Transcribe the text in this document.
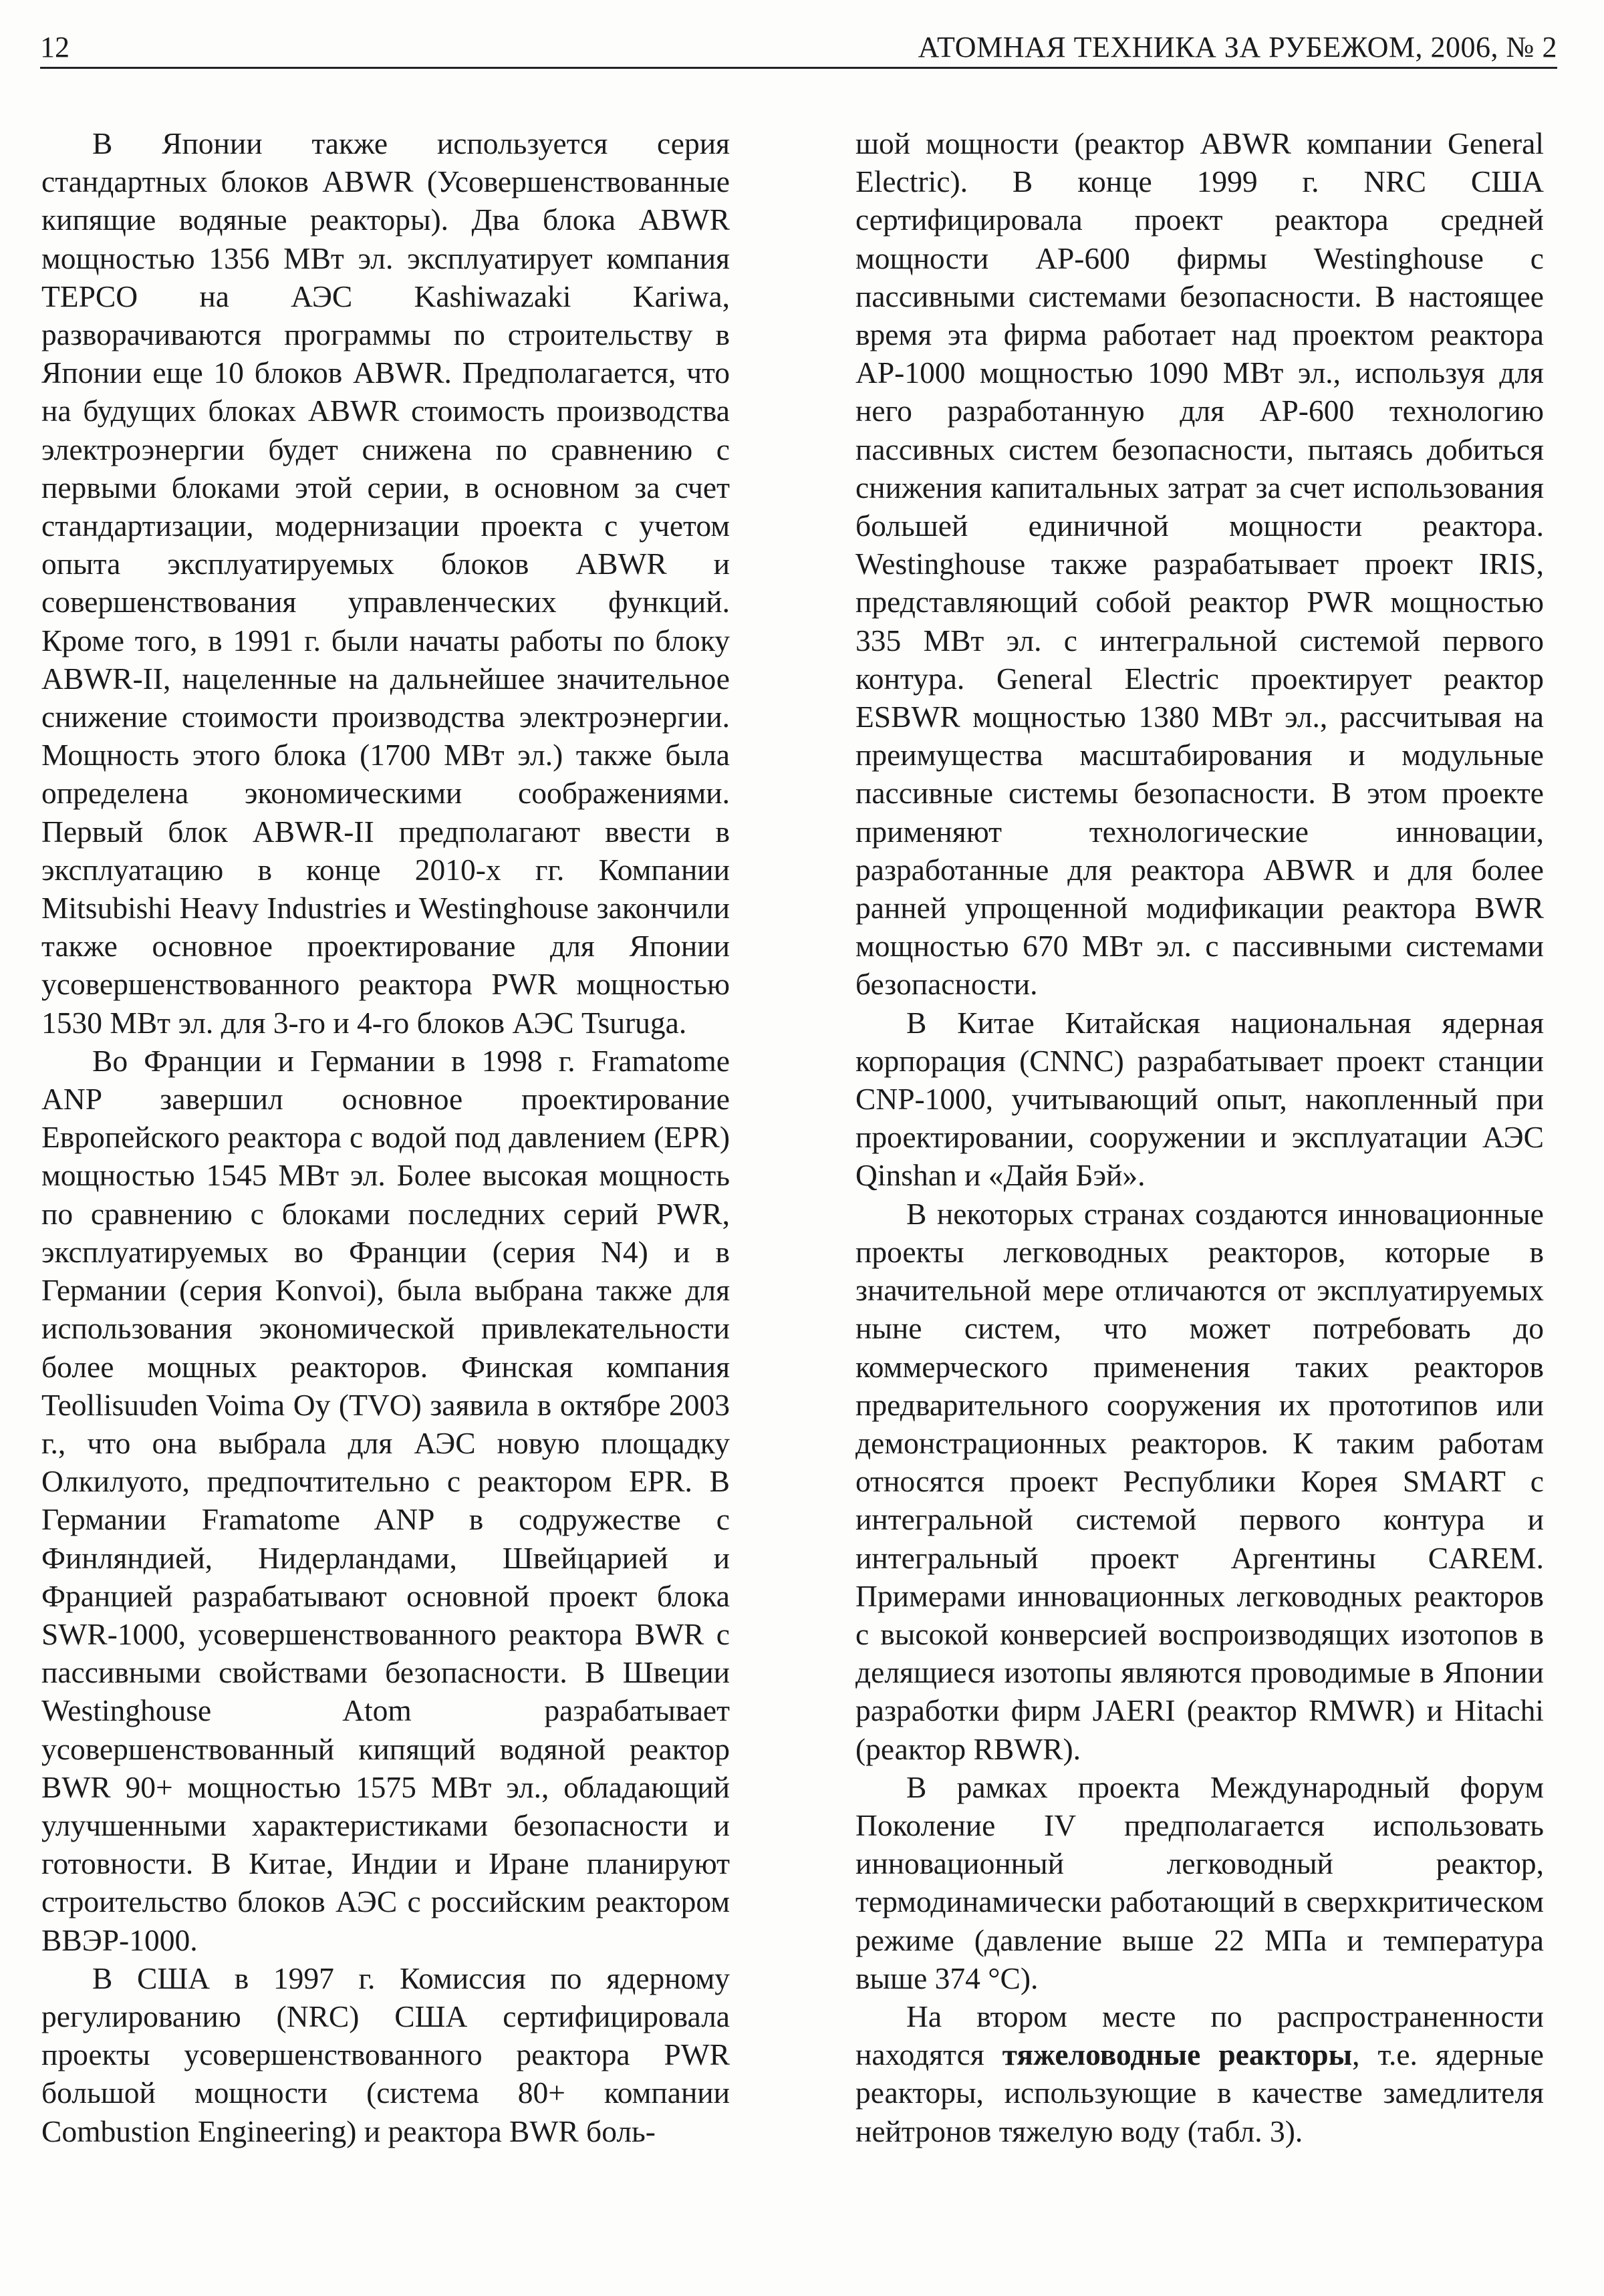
12	АТОМНАЯ ТЕХНИКА ЗА РУБЕЖОМ, 2006, № 2

В Японии также используется серия стандартных блоков ABWR (Усовершенствованные кипящие водяные реакторы). Два блока ABWR мощностью 1356 МВт эл. эксплуатирует компания TEPCO на АЭС Kashiwazaki Kariwa, разворачиваются программы по строительству в Японии еще 10 блоков ABWR. Предполагается, что на будущих блоках ABWR стоимость производства электроэнергии будет снижена по сравнению с первыми блоками этой серии, в основном за счет стандартизации, модернизации проекта с учетом опыта эксплуатируемых блоков ABWR и совершенствования управленческих функций. Кроме того, в 1991 г. были начаты работы по блоку ABWR-II, нацеленные на дальнейшее значительное снижение стоимости производства электроэнергии. Мощность этого блока (1700 МВт эл.) также была определена экономическими соображениями. Первый блок ABWR-II предполагают ввести в эксплуатацию в конце 2010-х гг. Компании Mitsubishi Heavy Industries и Westinghouse закончили также основное проектирование для Японии усовершенствованного реактора PWR мощностью 1530 МВт эл. для 3-го и 4-го блоков АЭС Tsuruga.

Во Франции и Германии в 1998 г. Framatome ANP завершил основное проектирование Европейского реактора с водой под давлением (EPR) мощностью 1545 МВт эл. Более высокая мощность по сравнению с блоками последних серий PWR, эксплуатируемых во Франции (серия N4) и в Германии (серия Konvoi), была выбрана также для использования экономической привлекательности более мощных реакторов. Финская компания Teollisuuden Voima Oy (TVO) заявила в октябре 2003 г., что она выбрала для АЭС новую площадку Олкилуото, предпочтительно с реактором EPR. В Германии Framatome ANP в содружестве с Финляндией, Нидерландами, Швейцарией и Францией разрабатывают основной проект блока SWR-1000, усовершенствованного реактора BWR с пассивными свойствами безопасности. В Швеции Westinghouse Atom разрабатывает усовершенствованный кипящий водяной реактор BWR 90+ мощностью 1575 МВт эл., обладающий улучшенными характеристиками безопасности и готовности. В Китае, Индии и Иране планируют строительство блоков АЭС с российским реактором ВВЭР-1000.

В США в 1997 г. Комиссия по ядерному регулированию (NRC) США сертифицировала проекты усовершенствованного реактора PWR большой мощности (система 80+ компании Combustion Engineering) и реактора BWR боль-

шой мощности (реактор ABWR компании General Electric). В конце 1999 г. NRC США сертифицировала проект реактора средней мощности AP-600 фирмы Westinghouse с пассивными системами безопасности. В настоящее время эта фирма работает над проектом реактора AP-1000 мощностью 1090 МВт эл., используя для него разработанную для AP-600 технологию пассивных систем безопасности, пытаясь добиться снижения капитальных затрат за счет использования большей единичной мощности реактора. Westinghouse также разрабатывает проект IRIS, представляющий собой реактор PWR мощностью 335 МВт эл. с интегральной системой первого контура. General Electric проектирует реактор ESBWR мощностью 1380 МВт эл., рассчитывая на преимущества масштабирования и модульные пассивные системы безопасности. В этом проекте применяют технологические инновации, разработанные для реактора ABWR и для более ранней упрощенной модификации реактора BWR мощностью 670 МВт эл. с пассивными системами безопасности.

В Китае Китайская национальная ядерная корпорация (CNNC) разрабатывает проект станции CNP-1000, учитывающий опыт, накопленный при проектировании, сооружении и эксплуатации АЭС Qinshan и «Дайя Бэй».

В некоторых странах создаются инновационные проекты легководных реакторов, которые в значительной мере отличаются от эксплуатируемых ныне систем, что может потребовать до коммерческого применения таких реакторов предварительного сооружения их прототипов или демонстрационных реакторов. К таким работам относятся проект Республики Корея SMART с интегральной системой первого контура и интегральный проект Аргентины CAREM. Примерами инновационных легководных реакторов с высокой конверсией воспроизводящих изотопов в делящиеся изотопы являются проводимые в Японии разработки фирм JAERI (реактор RMWR) и Hitachi (реактор RBWR).

В рамках проекта Международный форум Поколение IV предполагается использовать инновационный легководный реактор, термодинамически работающий в сверхкритическом режиме (давление выше 22 МПа и температура выше 374 °C).

На втором месте по распространенности находятся тяжеловодные реакторы, т.е. ядерные реакторы, использующие в качестве замедлителя нейтронов тяжелую воду (табл. 3).
